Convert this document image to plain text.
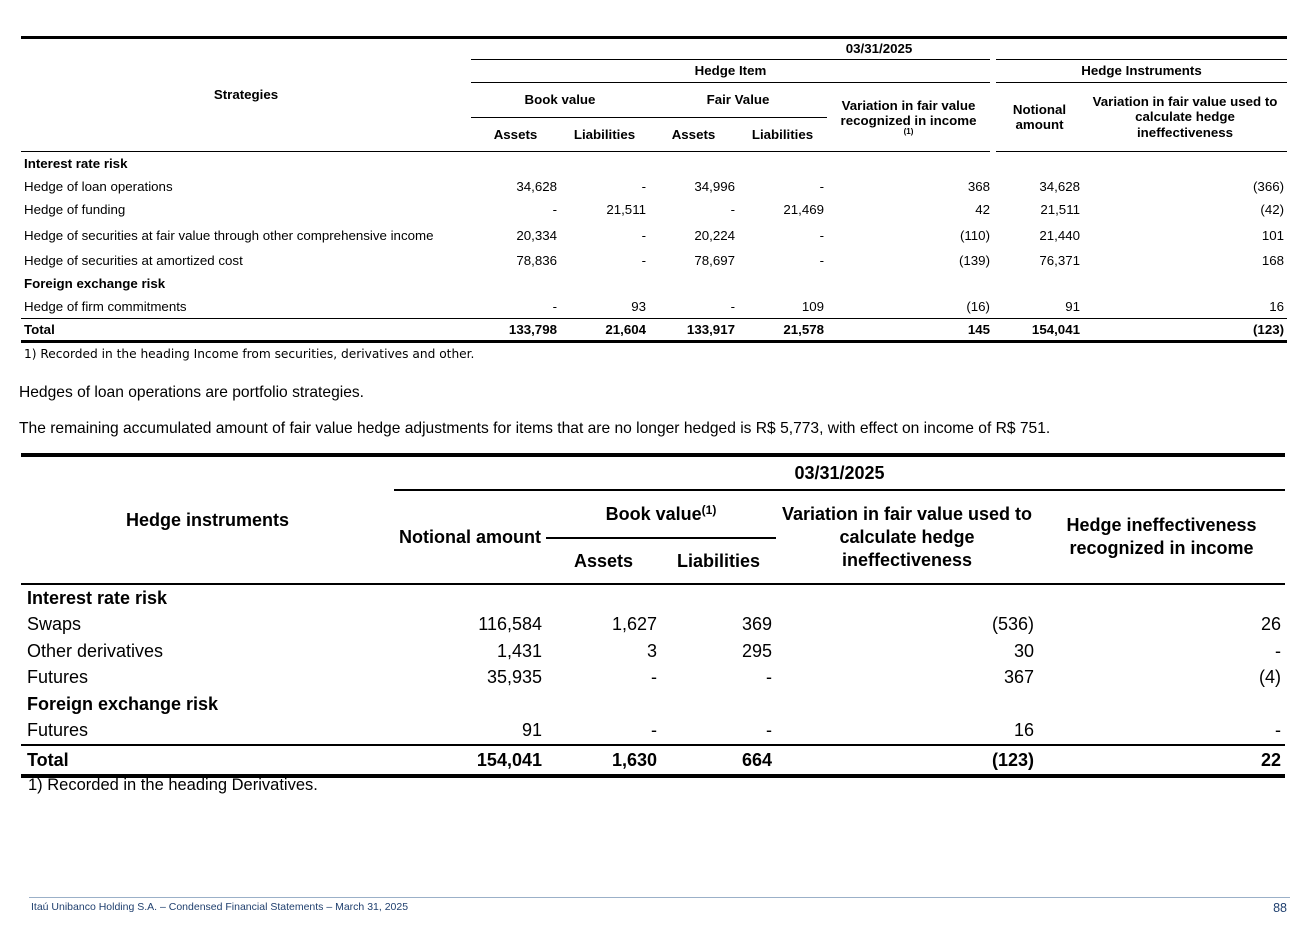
Strategies	03/31/2025						
	Hedge Item					Hedge Instruments	
	Book value		Fair Value		Variation in fair value recognized in income
(1)	Notional amount	Variation in fair value used to calculate hedge ineffectiveness
	Assets	Liabilities	Assets	Liabilities			
Interest rate risk							
Hedge of loan operations	34,628	-	34,996	-	368	34,628	(366)
Hedge of funding	-	21,511	-	21,469	42	21,511	(42)
Hedge of securities at fair value through other comprehensive income	20,334	-	20,224	-	(110)	21,440	101
Hedge of securities at amortized cost	78,836	-	78,697	-	(139)	76,371	168
Foreign exchange risk							
Hedge of firm commitments	-	93	-	109	(16)	91	16
Total	133,798	21,604	133,917	21,578	145	154,041	(123)
1) Recorded in the heading Income from securities, derivatives and other.
Hedges of loan operations are portfolio strategies.
The remaining accumulated amount of fair value hedge adjustments for items that are no longer hedged is R$ 5,773, with effect on income of R$ 751.
Hedge instruments	03/31/2025				
	Notional amount	Book value$^{(1)}$		Variation in fair value used to calculate hedge ineffectiveness	Hedge ineffectiveness recognized in income
		Assets	Liabilities		
Interest rate risk					
Swaps	116,584	1,627	369	(536)	26
Other derivatives	1,431	3	295	30	-
Futures	35,935	-	-	367	(4)
Foreign exchange risk					
Futures	91	-	-	16	-
Total	154,041	1,630	664	(123)	22
1) Recorded in the heading Derivatives.
Itaú Unibanco Holding S.A. – Condensed Financial Statements – March 31, 2025	88
